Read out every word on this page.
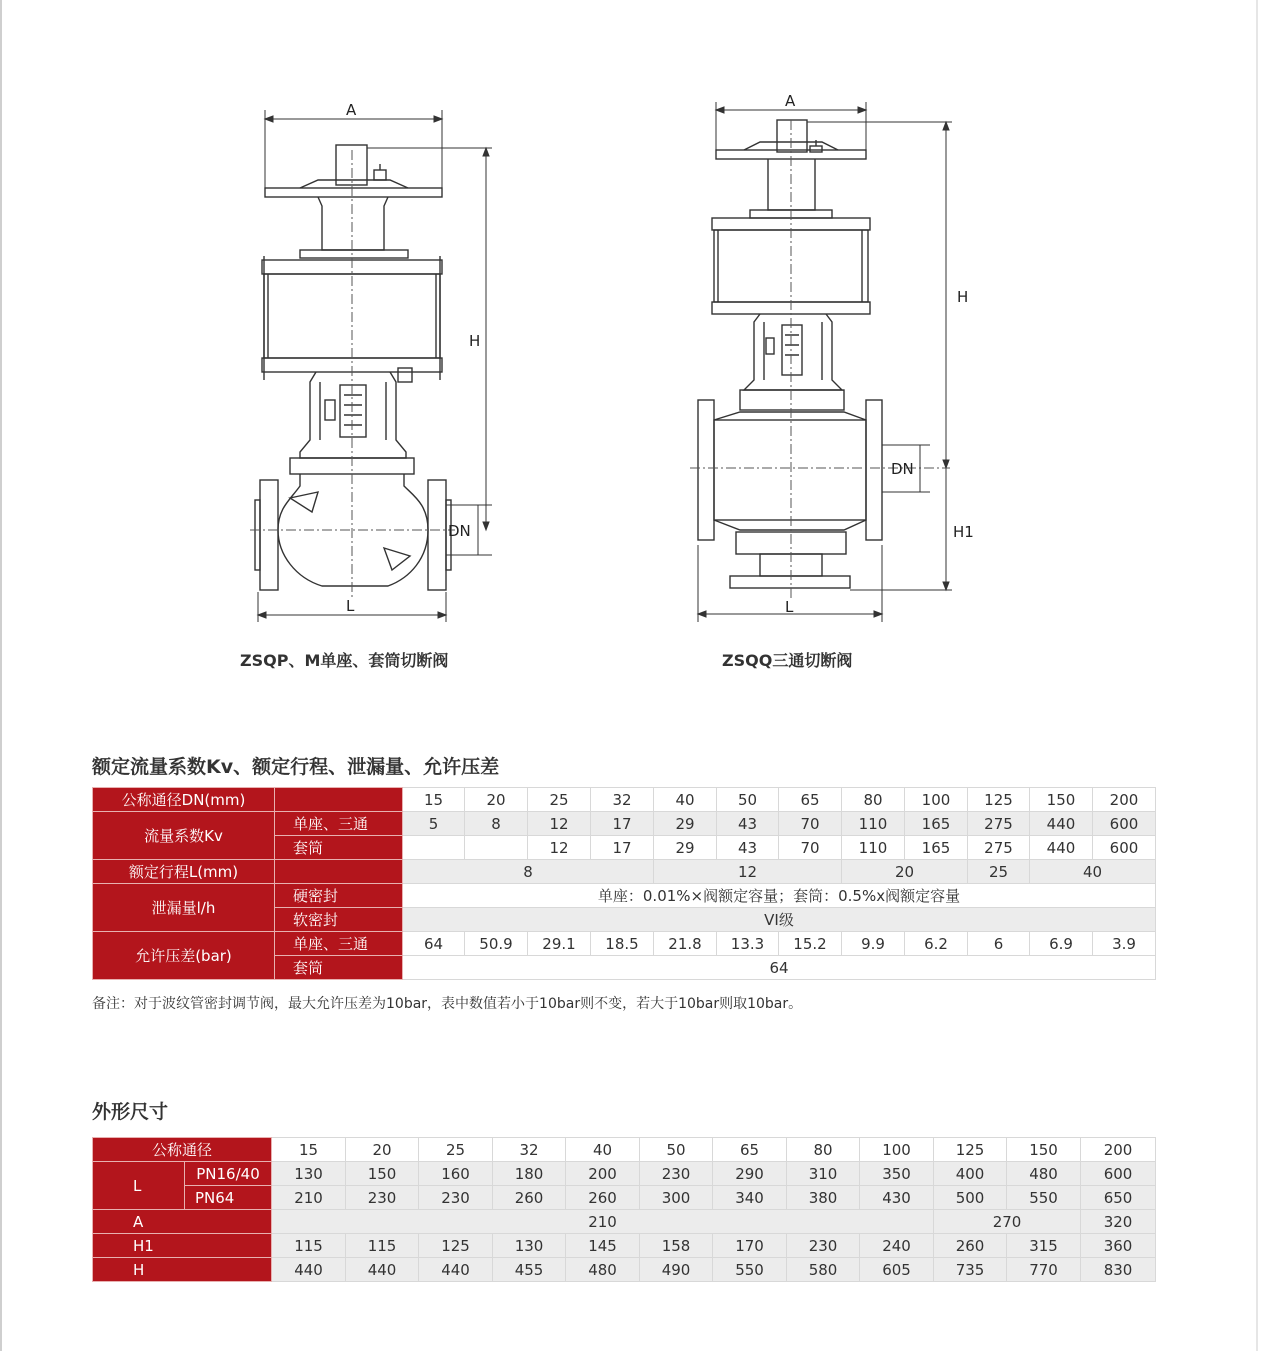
A
H
DN
L
A
H
DN
H1
L
ZSQP、M单座、套筒切断阀	ZSQQ三通切断阀
额定流量系数Kv、额定行程、泄漏量、允许压差
公称通径DN(mm)		15	20	25	32	40	50	65	80	100	125	150	200
流量系数Kv	单座、三通	5	8	12	17	29	43	70	110	165	275	440	600
	套筒			12	17	29	43	70	110	165	275	440	600
额定行程L(mm)		8				12			20		25	40	
泄漏量l/h	硬密封	单座：0.01%×阀额定容量；套筒：0.5%x阀额定容量											
	软密封	VI级											
允许压差(bar)	单座、三通	64	50.9	29.1	18.5	21.8	13.3	15.2	9.9	6.2	6	6.9	3.9
	套筒	64											
备注：对于波纹管密封调节阀，最大允许压差为10bar，表中数值若小于10bar则不变，若大于10bar则取10bar。
外形尺寸
公称通径		15	20	25	32	40	50	65	80	100	125	150	200
L	PN16/40	130	150	160	180	200	230	290	310	350	400	480	600
	PN64	210	230	230	260	260	300	340	380	430	500	550	650
A		210									270		320
H1		115	115	125	130	145	158	170	230	240	260	315	360
H		440	440	440	455	480	490	550	580	605	735	770	830
